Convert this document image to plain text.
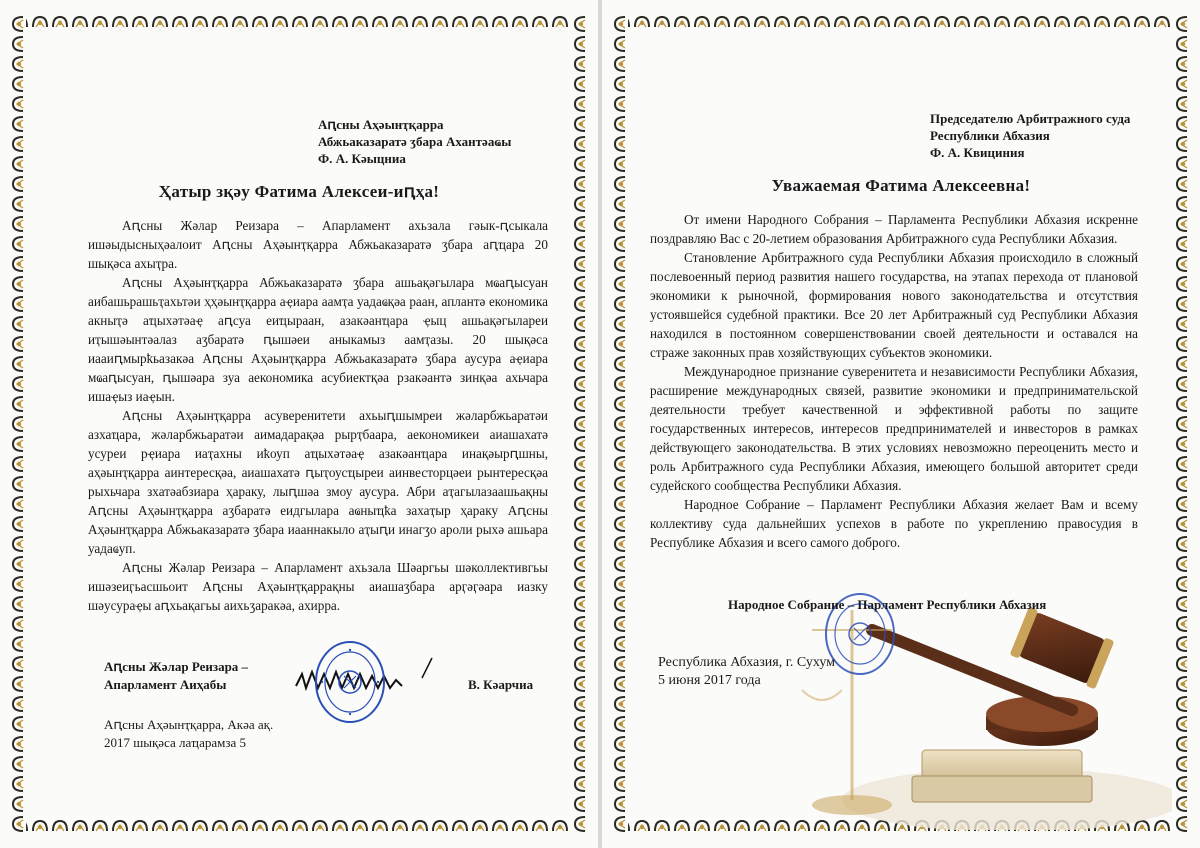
Аԥсны Аҳәынҭқарра
Абжьаказаратә ӡбара Ахантәаҩы
Ф. А. Кәыцниа
Ҳатыр зқәу Фатима Алексеи-иԥҳа!

Аԥсны Жәлар Реизара – Апарламент ахьзала гәык-ԥсыкала ишәыдысныҳәалоит Аԥсны Аҳәынҭқарра Абжьаказаратә ӡбара аԥҵара 20 шықәса ахыҭра.

Аԥсны Аҳәынҭқарра Абжьаказаратә ӡбара ашьақәгылара мҩаԥысуан аибашьрашьҭахьтәи ҳҳәынҭқарра аҿиара аамҭа уадаҩқәа раан, аплантә економика акныҭә аҵыхәтәаҿ аԥсуа еиҵыраан, азакәанҵара ҿыц ашьақәгылареи иҭышәынтәалаз аӡбаратә ԥышәеи аныкамыз аамҭазы. 20 шықәса иааиԥмырҟьазакәа Аԥсны Аҳәынҭқарра Абжьаказаратә ӡбара аусура аҿиара мҩаԥысуан, ԥышәара зуа аекономика асубиектқәа рзакәантә зинқәа ахьчара ишаҿыз иаҿын.

Аԥсны Аҳәынҭқарра асуверенитети ахьыԥшымреи жәларбжьаратәи азхаҵара, жәларбжьаратәи аимадарақәа рырҭбаара, аекономикеи аиашахатә усуреи рҿиара иаҭахны иҟоуп аҵыхәтәаҿ азакәанҵара инақәырԥшны, аҳәынҭқарра аинтересқәа, аиашахатә ԥыҭоусҵыреи аинвесторцәеи рынтересқәа рыхьчара зхатәабзиара ҳараку, лыԥшәа змоу аусура. Абри аҭагылазаашьақны Аԥсны Аҳәынҭқарра аӡбаратә еидгылара аҩныҵҟа захаҭыр ҳараку Аԥсны Аҳәынҭқарра Абжьаказаратә ӡбара иааннакыло аҭыԥи инагӡо ароли рыхә ашьара уадаҩуп.

Аԥсны Жәлар Реизара – Апарламент ахьзала Шәаргьы шәколлективгьы ишәзеиӷьасшьоит Аԥсны Аҳәынҭқаррақны аиашаӡбара арӷәӷәара иазку шәусураҿы аԥхьақагьы аихьӡаракәа, ахирра.

Аԥсны Жәлар Реизара –
Апарламент Аиҳабы	В. Кәарчиа
Аԥсны Аҳәынҭқарра, Акәа ақ.
2017 шықәса лаҵарамза 5
Председателю Арбитражного суда
Республики Абхазия
Ф. А. Квициния
Уважаемая Фатима Алексеевна!

От имени Народного Собрания – Парламента Республики Абхазия искренне поздравляю Вас с 20-летием образования Арбитражного суда Республики Абхазия.

Становление Арбитражного суда Республики Абхазия происходило в сложный послевоенный период развития нашего государства, на этапах перехода от плановой экономики к рыночной, формирования нового законодательства и отсутствия устоявшейся судебной практики. Все 20 лет Арбитражный суд Республики Абхазия находился в постоянном совершенствовании своей деятельности и оставался на страже законных прав хозяйствующих субъектов экономики.

Международное признание суверенитета и независимости Республики Абхазия, расширение международных связей, развитие экономики и предпринимательской деятельности требует качественной и эффективной работы по защите государственных интересов, интересов предпринимателей и инвесторов в рамках действующего законодательства. В этих условиях невозможно переоценить место и роль Арбитражного суда Республики Абхазия, имеющего большой авторитет среди судейского сообщества Республики Абхазия.

Народное Собрание – Парламент Республики Абхазия желает Вам и всему коллективу суда дальнейших успехов в работе по укреплению правосудия в Республике Абхазия и всего самого доброго.

Народное Собрание – Парламент Республики Абхазия
Республика Абхазия, г. Сухум
5 июня 2017 года
